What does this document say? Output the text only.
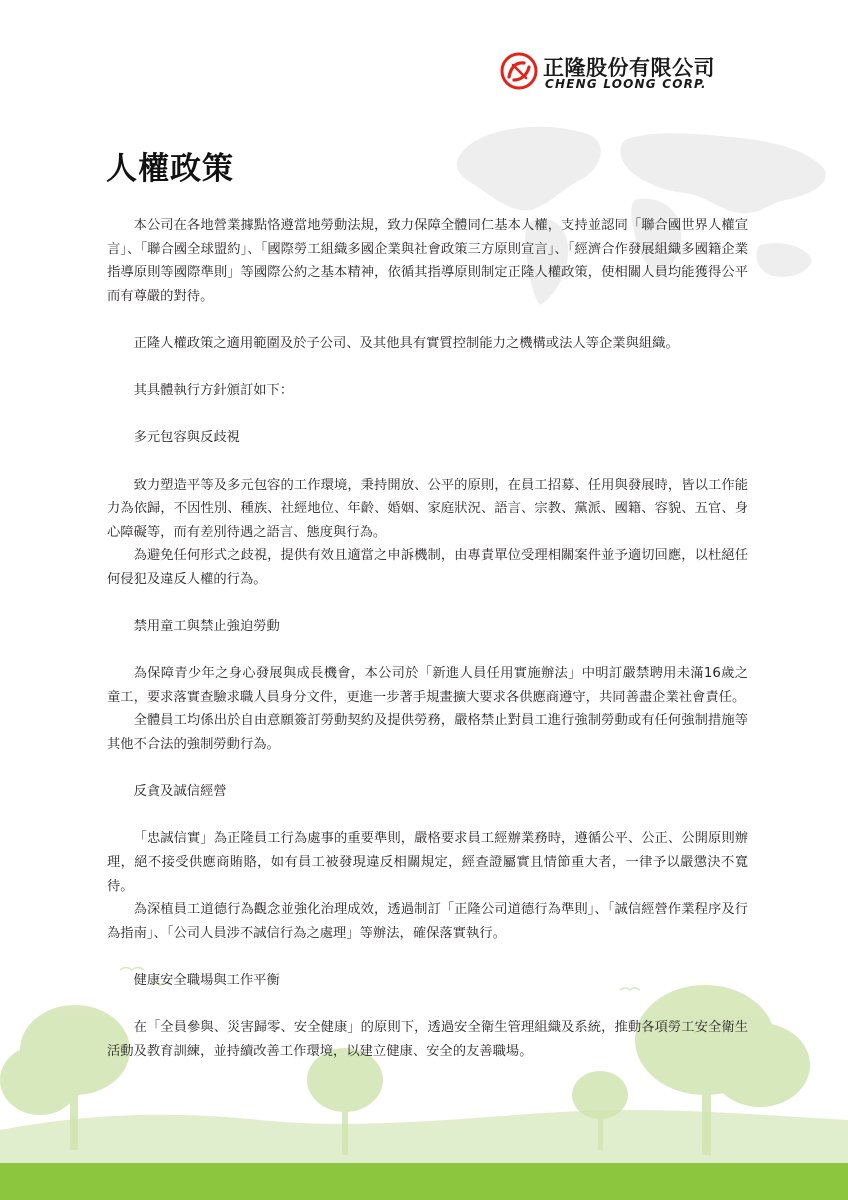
正隆股份有限公司
CHENG LOONG CORP.
人權政策

本公司在各地營業據點恪遵當地勞動法規，致力保障全體同仁基本人權，支持並認同「聯合國世界人權宣言」、「聯合國全球盟約」、「國際勞工組織多國企業與社會政策三方原則宣言」、「經濟合作發展組織多國籍企業指導原則等國際準則」等國際公約之基本精神，依循其指導原則制定正隆人權政策，使相關人員均能獲得公平而有尊嚴的對待。

正隆人權政策之適用範圍及於子公司、及其他具有實質控制能力之機構或法人等企業與組織。

其具體執行方針頒訂如下：

多元包容與反歧視

致力塑造平等及多元包容的工作環境，秉持開放、公平的原則，在員工招募、任用與發展時，皆以工作能力為依歸，不因性別、種族、社經地位、年齡、婚姻、家庭狀況、語言、宗教、黨派、國籍、容貌、五官、身心障礙等，而有差別待遇之語言、態度與行為。

為避免任何形式之歧視，提供有效且適當之申訴機制，由專責單位受理相關案件並予適切回應，以杜絕任何侵犯及違反人權的行為。

禁用童工與禁止強迫勞動

為保障青少年之身心發展與成長機會，本公司於「新進人員任用實施辦法」中明訂嚴禁聘用未滿16歲之童工，要求落實查驗求職人員身分文件，更進一步著手規畫擴大要求各供應商遵守，共同善盡企業社會責任。

全體員工均係出於自由意願簽訂勞動契約及提供勞務，嚴格禁止對員工進行強制勞動或有任何強制措施等其他不合法的強制勞動行為。

反貪及誠信經營

「忠誠信實」為正隆員工行為處事的重要準則，嚴格要求員工經辦業務時，遵循公平、公正、公開原則辦理，絕不接受供應商賄賂，如有員工被發現違反相關規定，經查證屬實且情節重大者，一律予以嚴懲決不寬待。

為深植員工道德行為觀念並強化治理成效，透過制訂「正隆公司道德行為準則」、「誠信經營作業程序及行為指南」、「公司人員涉不誠信行為之處理」等辦法，確保落實執行。

健康安全職場與工作平衡

在「全員參與、災害歸零、安全健康」的原則下，透過安全衛生管理組織及系統，推動各項勞工安全衛生活動及教育訓練，並持續改善工作環境，以建立健康、安全的友善職場。
